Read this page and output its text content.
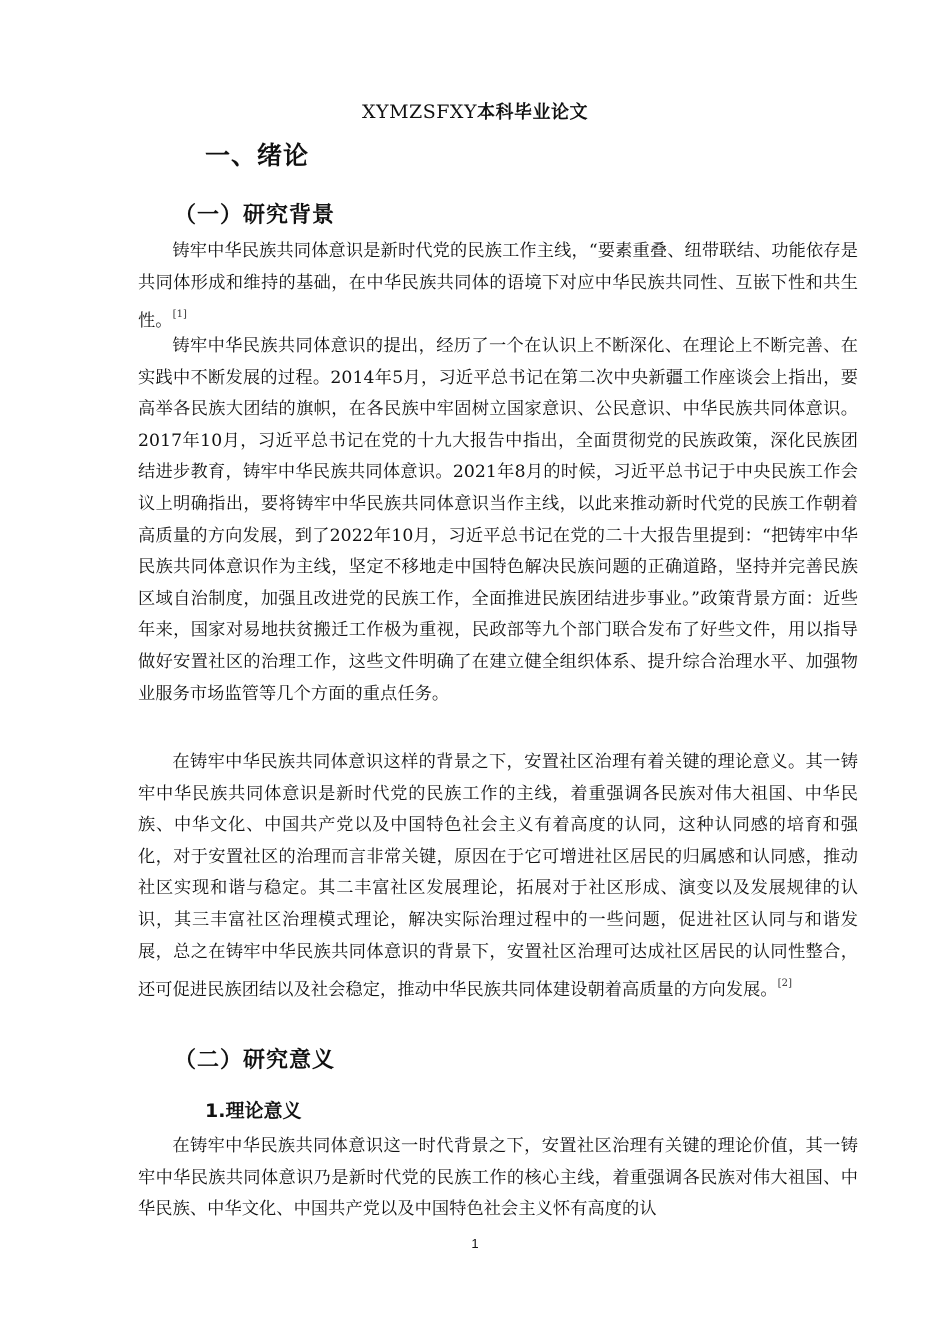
XYMZSFXY本科毕业论文
一、绪论
（一）研究背景
铸牢中华民族共同体意识是新时代党的民族工作主线，“要素重叠、纽带联结、功能依存是共同体形成和维持的基础，在中华民族共同体的语境下对应中华民族共同性、互嵌下性和共生性。[1]
铸牢中华民族共同体意识的提出，经历了一个在认识上不断深化、在理论上不断完善、在实践中不断发展的过程。2014年5月，习近平总书记在第二次中央新疆工作座谈会上指出，要高举各民族大团结的旗帜，在各民族中牢固树立国家意识、公民意识、中华民族共同体意识。2017年10月，习近平总书记在党的十九大报告中指出，全面贯彻党的民族政策，深化民族团结进步教育，铸牢中华民族共同体意识。2021年8月的时候，习近平总书记于中央民族工作会议上明确指出，要将铸牢中华民族共同体意识当作主线，以此来推动新时代党的民族工作朝着高质量的方向发展，到了2022年10月，习近平总书记在党的二十大报告里提到：“把铸牢中华民族共同体意识作为主线，坚定不移地走中国特色解决民族问题的正确道路，坚持并完善民族区域自治制度，加强且改进党的民族工作，全面推进民族团结进步事业。”政策背景方面：近些年来，国家对易地扶贫搬迁工作极为重视，民政部等九个部门联合发布了好些文件，用以指导做好安置社区的治理工作，这些文件明确了在建立健全组织体系、提升综合治理水平、加强物业服务市场监管等几个方面的重点任务。
在铸牢中华民族共同体意识这样的背景之下，安置社区治理有着关键的理论意义。其一铸牢中华民族共同体意识是新时代党的民族工作的主线，着重强调各民族对伟大祖国、中华民族、中华文化、中国共产党以及中国特色社会主义有着高度的认同，这种认同感的培育和强化，对于安置社区的治理而言非常关键，原因在于它可增进社区居民的归属感和认同感，推动社区实现和谐与稳定。其二丰富社区发展理论，拓展对于社区形成、演变以及发展规律的认识，其三丰富社区治理模式理论，解决实际治理过程中的一些问题，促进社区认同与和谐发展，总之在铸牢中华民族共同体意识的背景下，安置社区治理可达成社区居民的认同性整合，还可促进民族团结以及社会稳定，推动中华民族共同体建设朝着高质量的方向发展。[2]
（二）研究意义
1.理论意义
在铸牢中华民族共同体意识这一时代背景之下，安置社区治理有关键的理论价值，其一铸牢中华民族共同体意识乃是新时代党的民族工作的核心主线，着重强调各民族对伟大祖国、中华民族、中华文化、中国共产党以及中国特色社会主义怀有高度的认
1
